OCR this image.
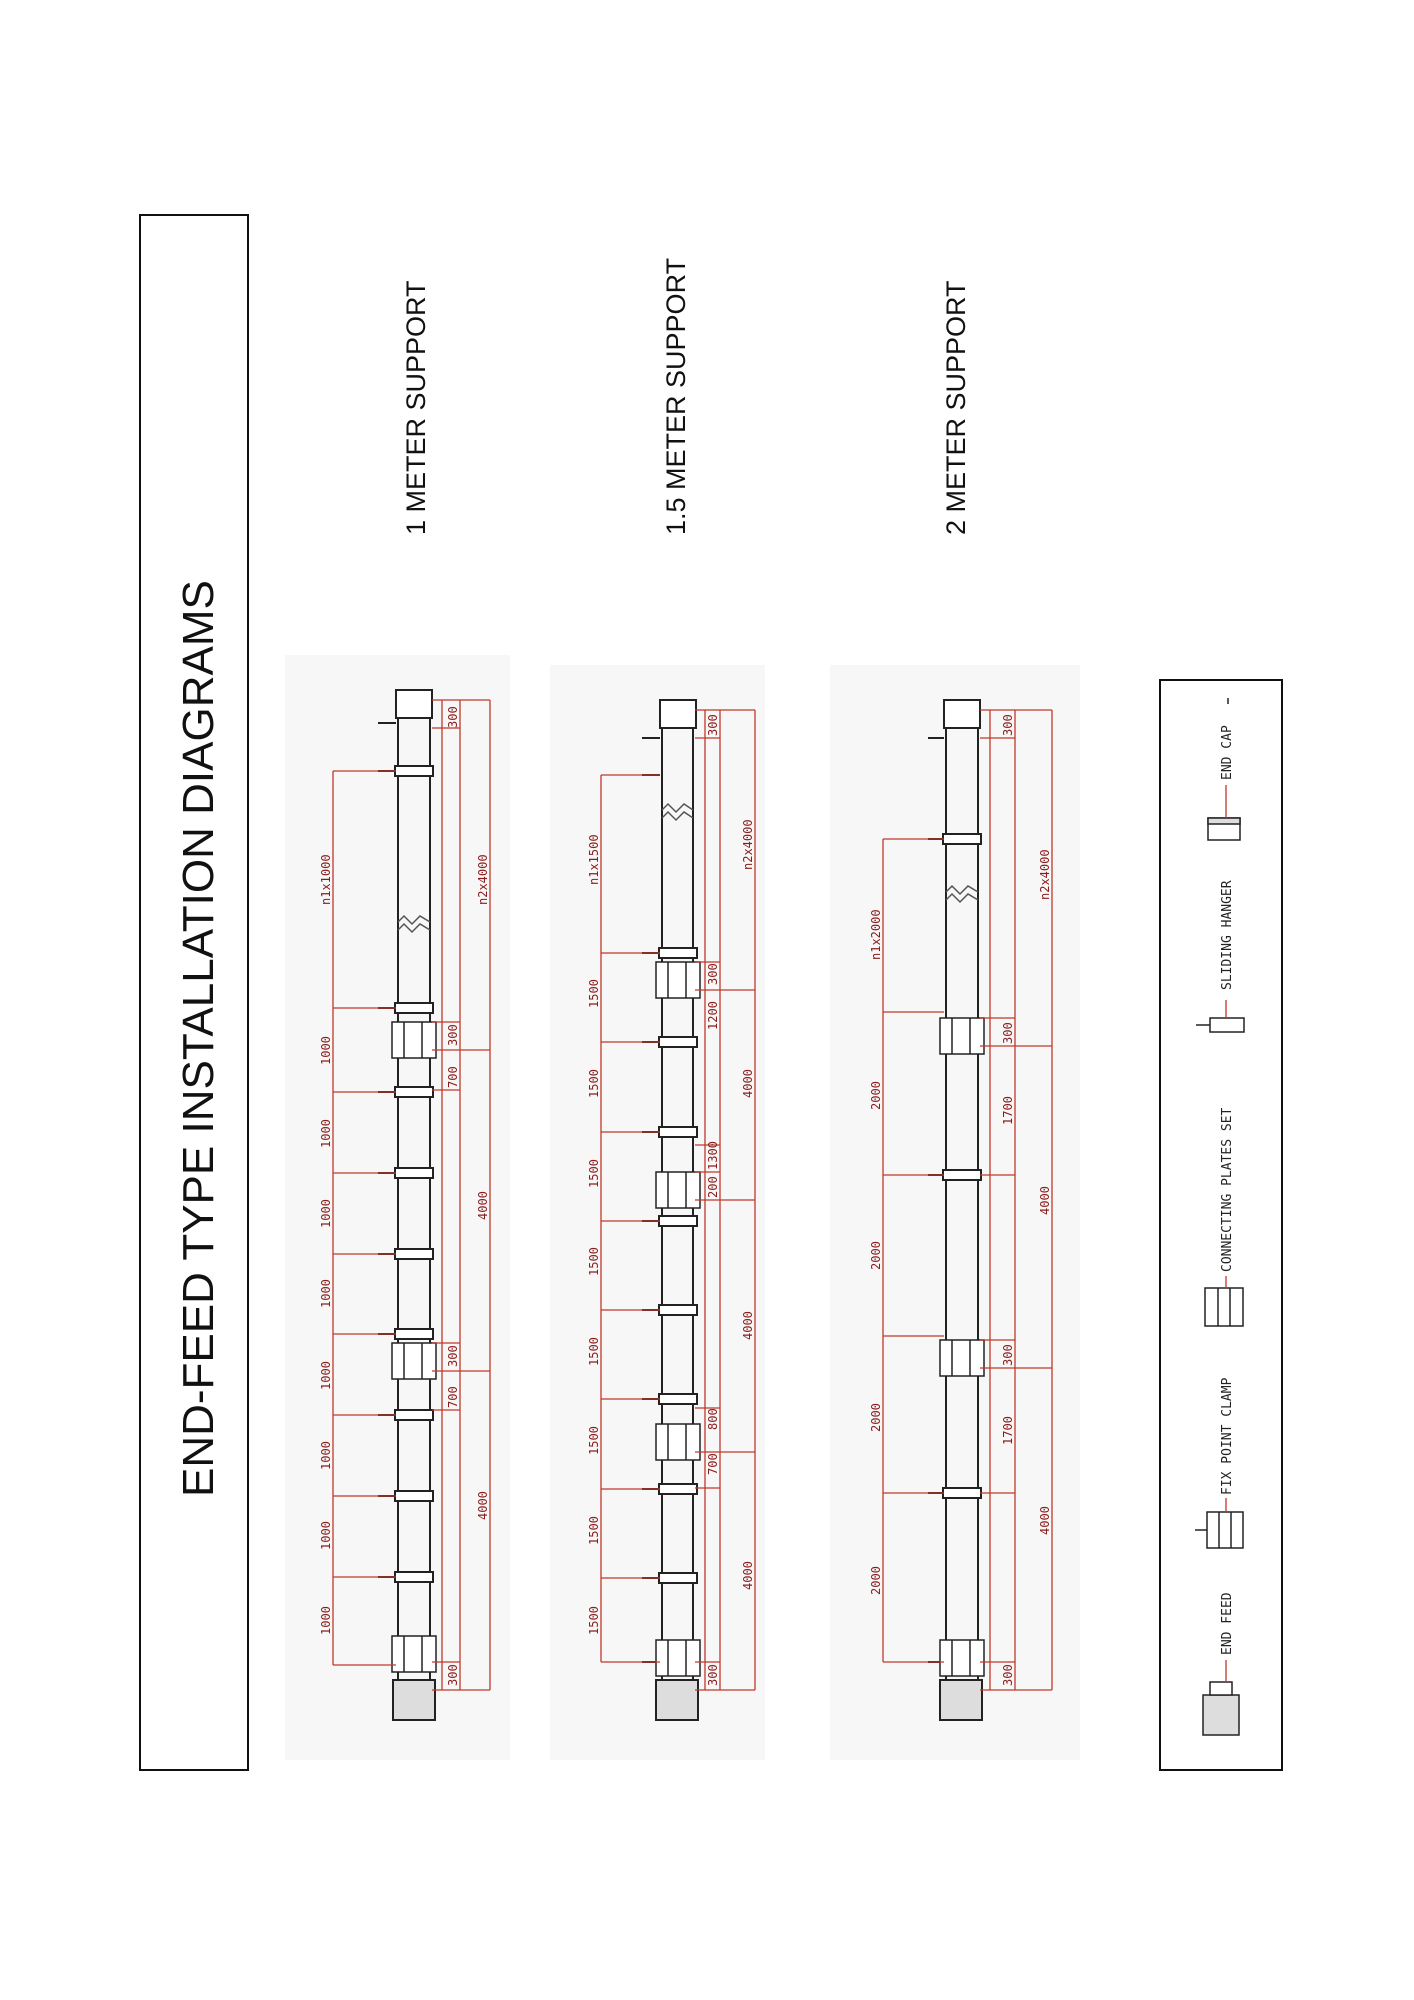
END-FEED TYPE INSTALLATION DIAGRAMS
1 METER SUPPORT	1.5 METER SUPPORT	2 METER SUPPORT
n1x1000	n2x4000
1000
1000
1000
1000
1000
1000
1000
1000
300
300
700
300
700
300
4000
4000
n1x1500	n2x4000
1500
1500
1500
1500
1500
1500
1500
1500
300
300
1200
1300
200
800
700
300
4000
4000
4000
n1x2000
n2x4000
2000
2000
2000
2000
300
300
1700
300
1700
300
4000
4000
END FEED
FIX POINT CLAMP
CONNECTING PLATES SET
SLIDING HANGER
END CAP
